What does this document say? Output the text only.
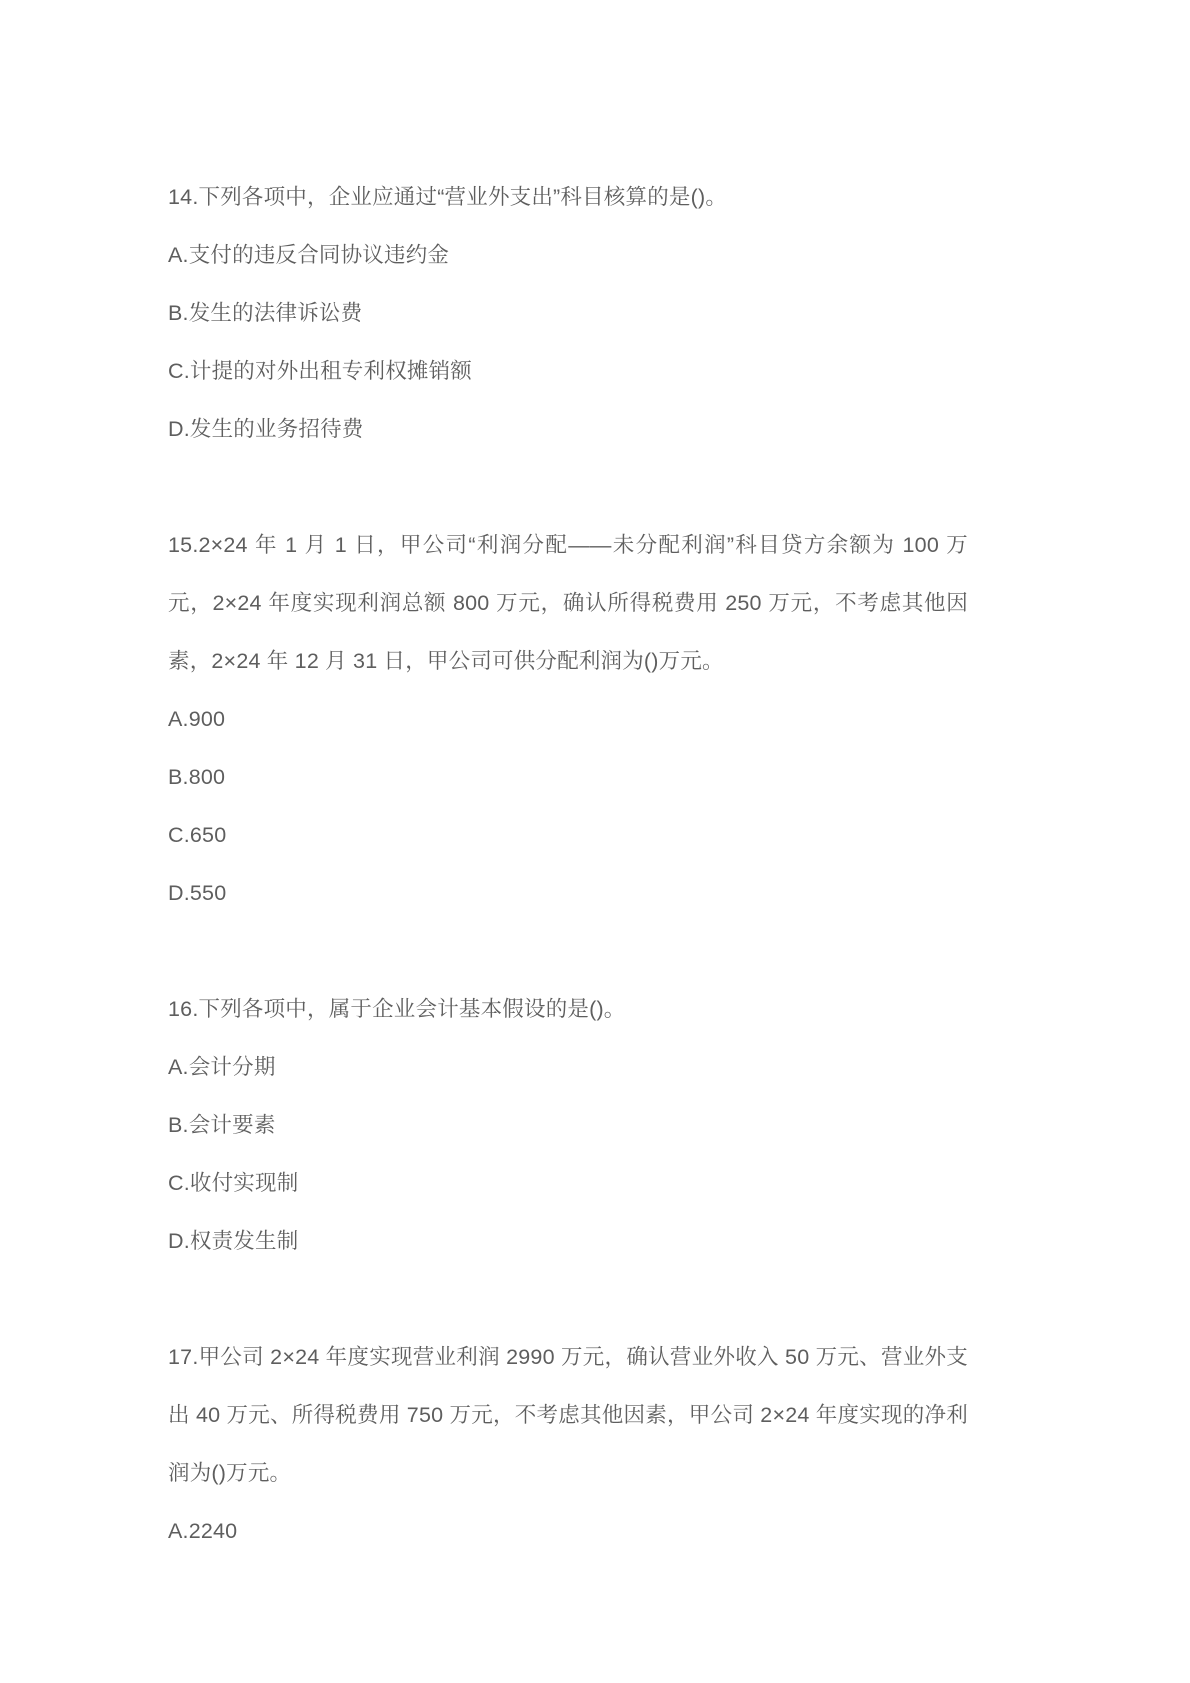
14.下列各项中，企业应通过“营业外支出”科目核算的是()。

A.支付的违反合同协议违约金
B.发生的法律诉讼费
C.计提的对外出租专利权摊销额
D.发生的业务招待费

15.2×24 年 1 月 1 日，甲公司“利润分配——未分配利润”科目贷方余额为 100 万元，2×24 年度实现利润总额 800 万元，确认所得税费用 250 万元，不考虑其他因素，2×24 年 12 月 31 日，甲公司可供分配利润为()万元。

A.900
B.800
C.650
D.550

16.下列各项中，属于企业会计基本假设的是()。

A.会计分期
B.会计要素
C.收付实现制
D.权责发生制

17.甲公司 2×24 年度实现营业利润 2990 万元，确认营业外收入 50 万元、营业外支出 40 万元、所得税费用 750 万元，不考虑其他因素，甲公司 2×24 年度实现的净利润为()万元。

A.2240
